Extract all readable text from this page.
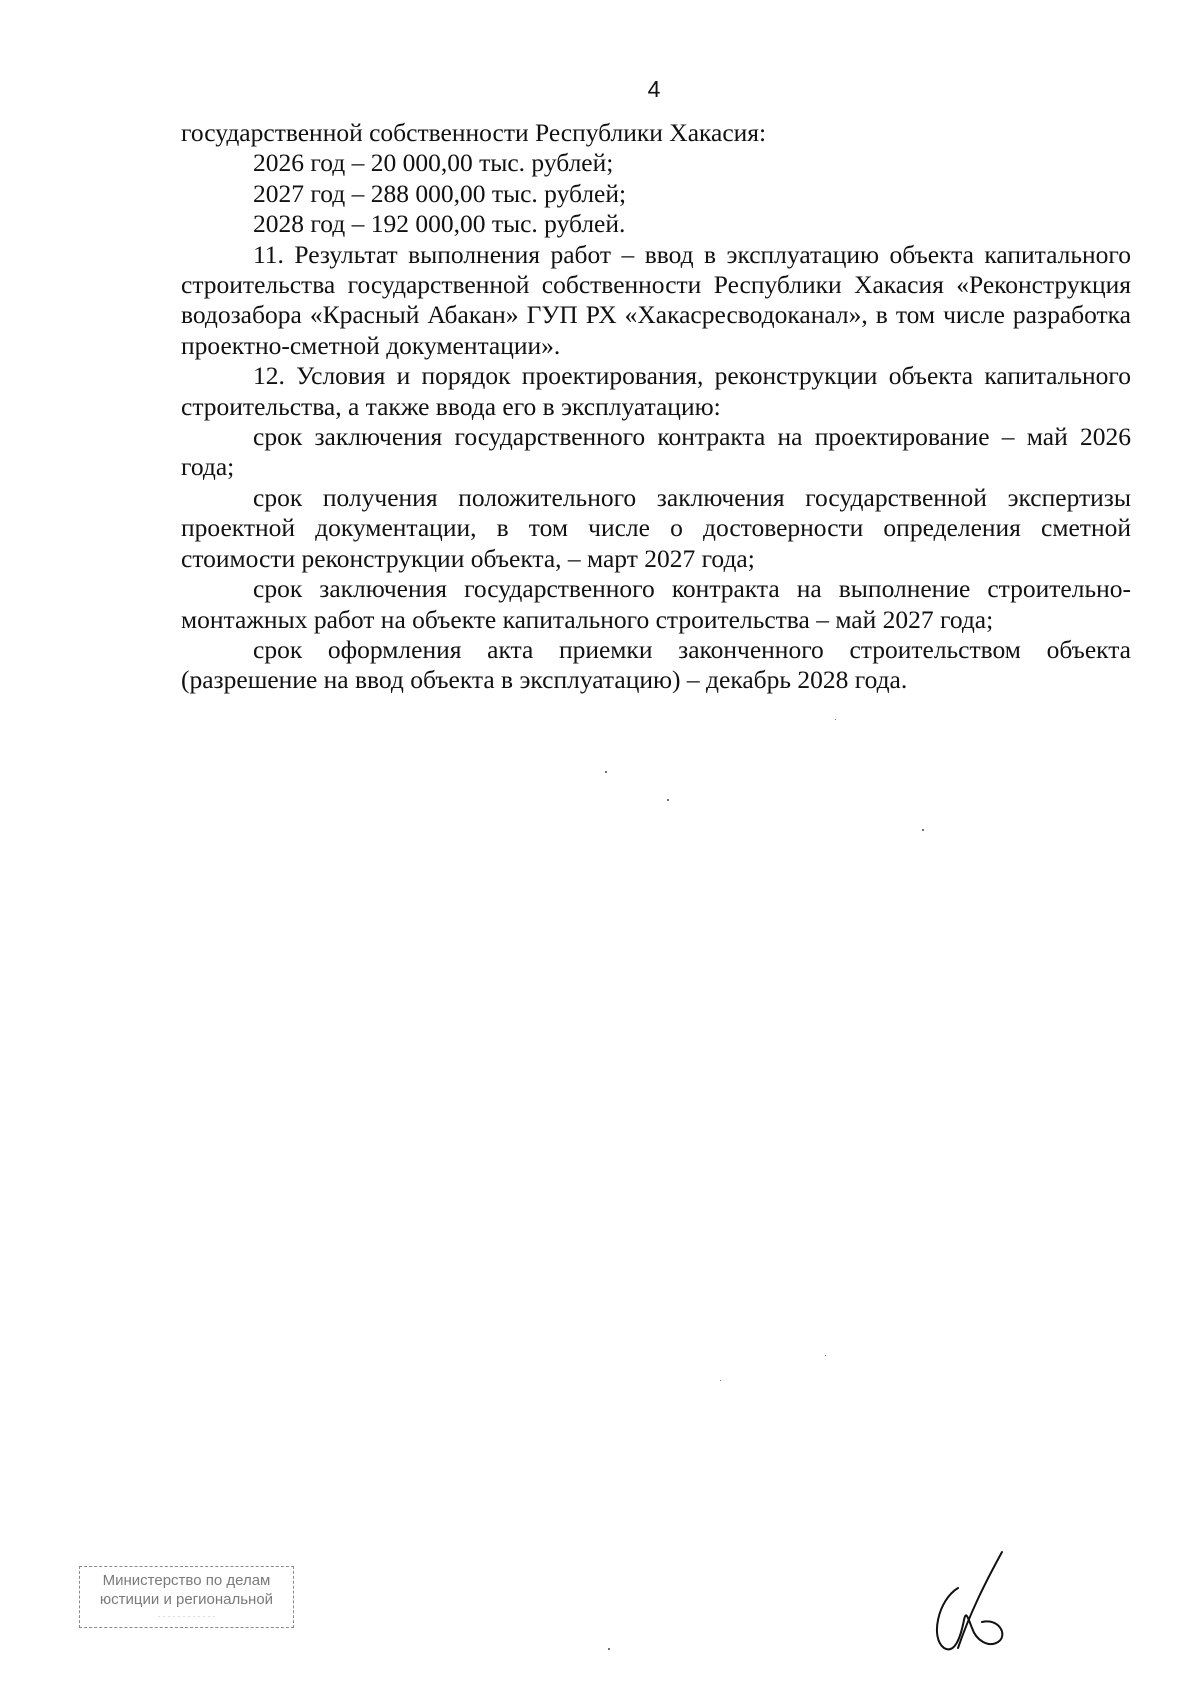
4

государственной собственности Республики Хакасия:

2026 год – 20 000,00 тыс. рублей;

2027 год – 288 000,00 тыс. рублей;

2028 год – 192 000,00 тыс. рублей.

11. Результат выполнения работ – ввод в эксплуатацию объекта капитального строительства государственной собственности Республики Хакасия «Реконструкция водозабора «Красный Абакан» ГУП РХ «Хакасресводоканал», в том числе разработка проектно-сметной документации».

12. Условия и порядок проектирования, реконструкции объекта капитального строительства, а также ввода его в эксплуатацию:

срок заключения государственного контракта на проектирование – май 2026 года;

срок получения положительного заключения государственной экспертизы проектной документации, в том числе о достоверности определения сметной стоимости реконструкции объекта, – март 2027 года;

срок заключения государственного контракта на выполнение строительно-монтажных работ на объекте капитального строительства – май 2027 года;

срок оформления акта приемки законченного строительством объекта (разрешение на ввод объекта в эксплуатацию) – декабрь 2028 года.

Министерство по делам
юстиции и региональной
. . . . . . . . . . . .
